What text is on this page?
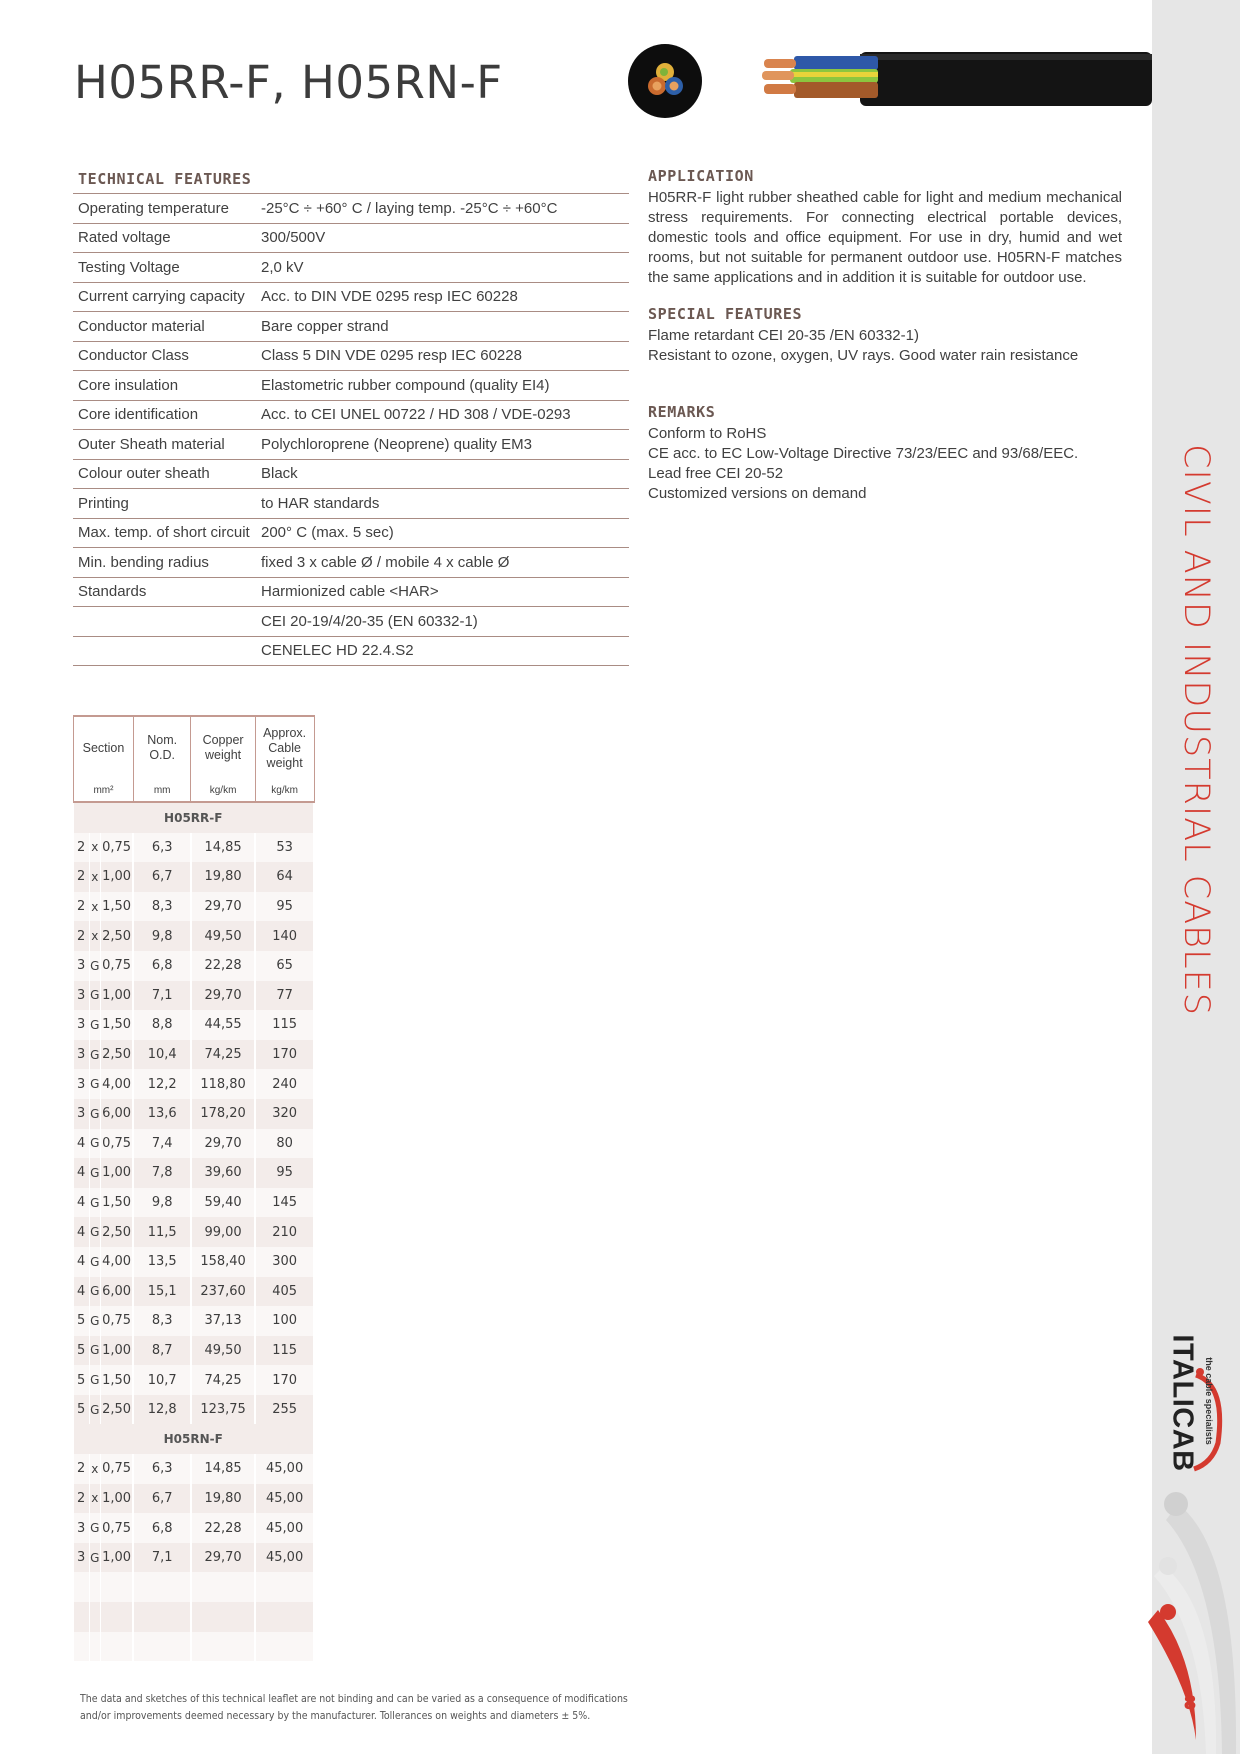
CIVIL AND INDUSTRIAL CABLES
ITALICAB the cable specialists
8
H05RR-F, H05RN-F
TECHNICAL FEATURES
Operating temperature	-25°C ÷ +60° C / laying temp. -25°C ÷ +60°C
Rated voltage	300/500V
Testing Voltage	2,0 kV
Current carrying capacity	Acc. to DIN VDE 0295 resp IEC 60228
Conductor material	Bare copper strand
Conductor Class	Class 5 DIN VDE 0295 resp IEC 60228
Core insulation	Elastometric rubber compound (quality EI4)
Core identification	Acc. to CEI UNEL 00722 / HD 308 / VDE-0293
Outer Sheath material	Polychloroprene (Neoprene) quality EM3
Colour outer sheath	Black
Printing	to HAR standards
Max. temp. of short circuit	200° C (max. 5 sec)
Min. bending radius	fixed 3 x cable Ø / mobile 4 x cable Ø
Standards	Harmionized cable <HAR>
	CEI 20-19/4/20-35 (EN 60332-1)
	CENELEC HD 22.4.S2
APPLICATION

H05RR-F light rubber sheathed cable for light and medium mechanical stress requirements. For connecting electrical portable devices, domestic tools and office equipment. For use in dry, humid and wet rooms, but not suitable for permanent outdoor use. H05RN-F matches the same applications and in addition it is suitable for outdoor use.

SPECIAL FEATURES
Flame retardant CEI 20-35 /EN 60332-1)
Resistant to ozone, oxygen, UV rays. Good water rain resistance
REMARKS
Conform to RoHS
CE acc. to EC Low-Voltage Directive 73/23/EEC and 93/68/EEC.
Lead free CEI 20-52
Customized versions on demand
Section			Nom. O.D.	Copper weight	Approx. Cable weight
mm²			mm	kg/km	kg/km
H05RR-F					
2	x	0,75	6,3	14,85	53
2	x	1,00	6,7	19,80	64
2	x	1,50	8,3	29,70	95
2	x	2,50	9,8	49,50	140
3	G	0,75	6,8	22,28	65
3	G	1,00	7,1	29,70	77
3	G	1,50	8,8	44,55	115
3	G	2,50	10,4	74,25	170
3	G	4,00	12,2	118,80	240
3	G	6,00	13,6	178,20	320
4	G	0,75	7,4	29,70	80
4	G	1,00	7,8	39,60	95
4	G	1,50	9,8	59,40	145
4	G	2,50	11,5	99,00	210
4	G	4,00	13,5	158,40	300
4	G	6,00	15,1	237,60	405
5	G	0,75	8,3	37,13	100
5	G	1,00	8,7	49,50	115
5	G	1,50	10,7	74,25	170
5	G	2,50	12,8	123,75	255
H05RN-F					
2	x	0,75	6,3	14,85	45,00
2	x	1,00	6,7	19,80	45,00
3	G	0,75	6,8	22,28	45,00
3	G	1,00	7,1	29,70	45,00

The data and sketches of this technical leaflet are not binding and can be varied as a consequence of modifications
and/or improvements deemed necessary by the manufacturer. Tollerances on weights and diameters ± 5%.
